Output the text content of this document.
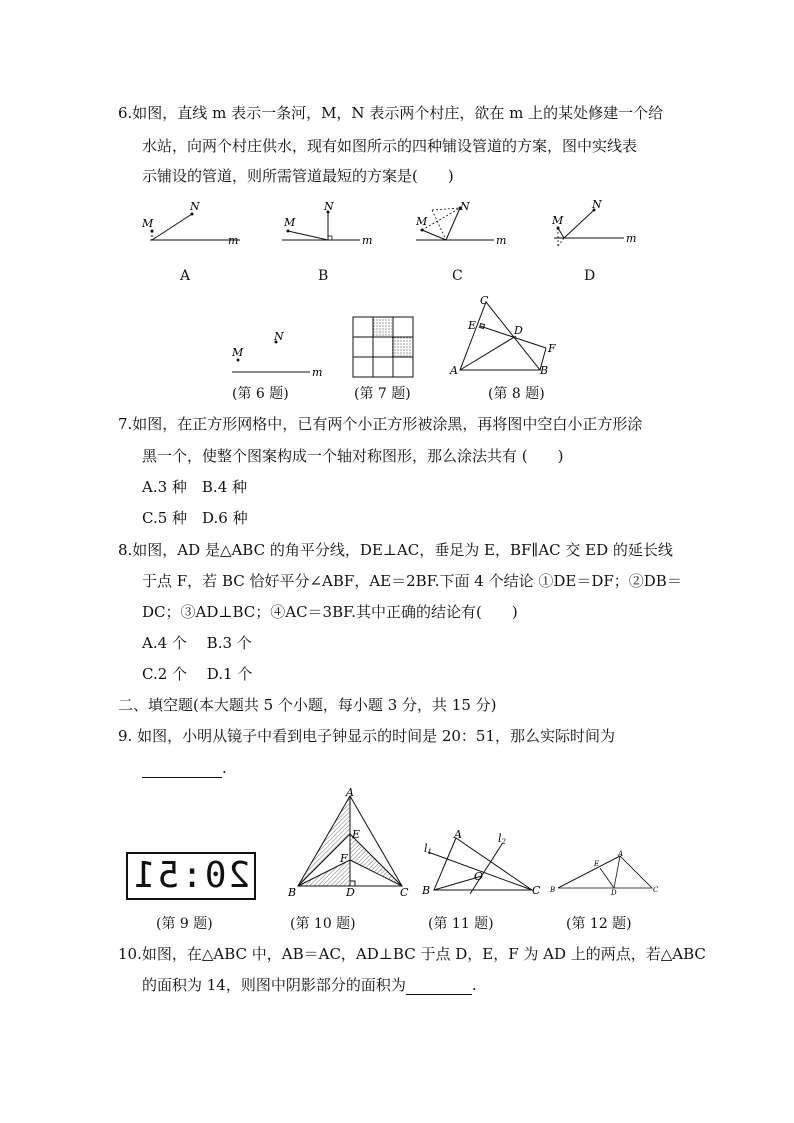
6.如图，直线 m 表示一条河，M，N 表示两个村庄，欲在 m 上的某处修建一个给
水站，向两个村庄供水，现有如图所示的四种铺设管道的方案，图中实线表
示铺设的管道，则所需管道最短的方案是(　　)
M
N
m
A
M
N
m
B
M
N
m
C
M
N
m
D
M
N
m
(第 6 题)	(第 7 题)
C
E	D
F
A	B
(第 8 题)
7.如图，在正方形网格中，已有两个小正方形被涂黑，再将图中空白小正方形涂
黑一个，使整个图案构成一个轴对称图形，那么涂法共有 (　　)
A.3 种　B.4 种
C.5 种　D.6 种
8.如图，AD 是△ABC 的角平分线，DE⊥AC，垂足为 E，BF∥AC 交 ED 的延长线
于点 F，若 BC 恰好平分∠ABF，AE＝2BF.下面 4 个结论 ①DE＝DF；②DB＝
DC；③AD⊥BC；④AC＝3BF.其中正确的结论有(　　)
A.4 个　 B.3 个
C.2 个　 D.1 个
二、填空题(本大题共 5 个小题，每小题 3 分，共 15 分)
9. 如图，小明从镜子中看到电子钟显示的时间是 20：51，那么实际时间为
.
20:51
(第 9 题)
A
E
F
B	D	C
(第 10 题)
A
l1
l2
O
B	C
(第 11 题)
A
E
B	D	C
(第 12 题)
10.如图，在△ABC 中，AB＝AC，AD⊥BC 于点 D，E，F 为 AD 上的两点，若△ABC
的面积为 14，则图中阴影部分的面积为	.
